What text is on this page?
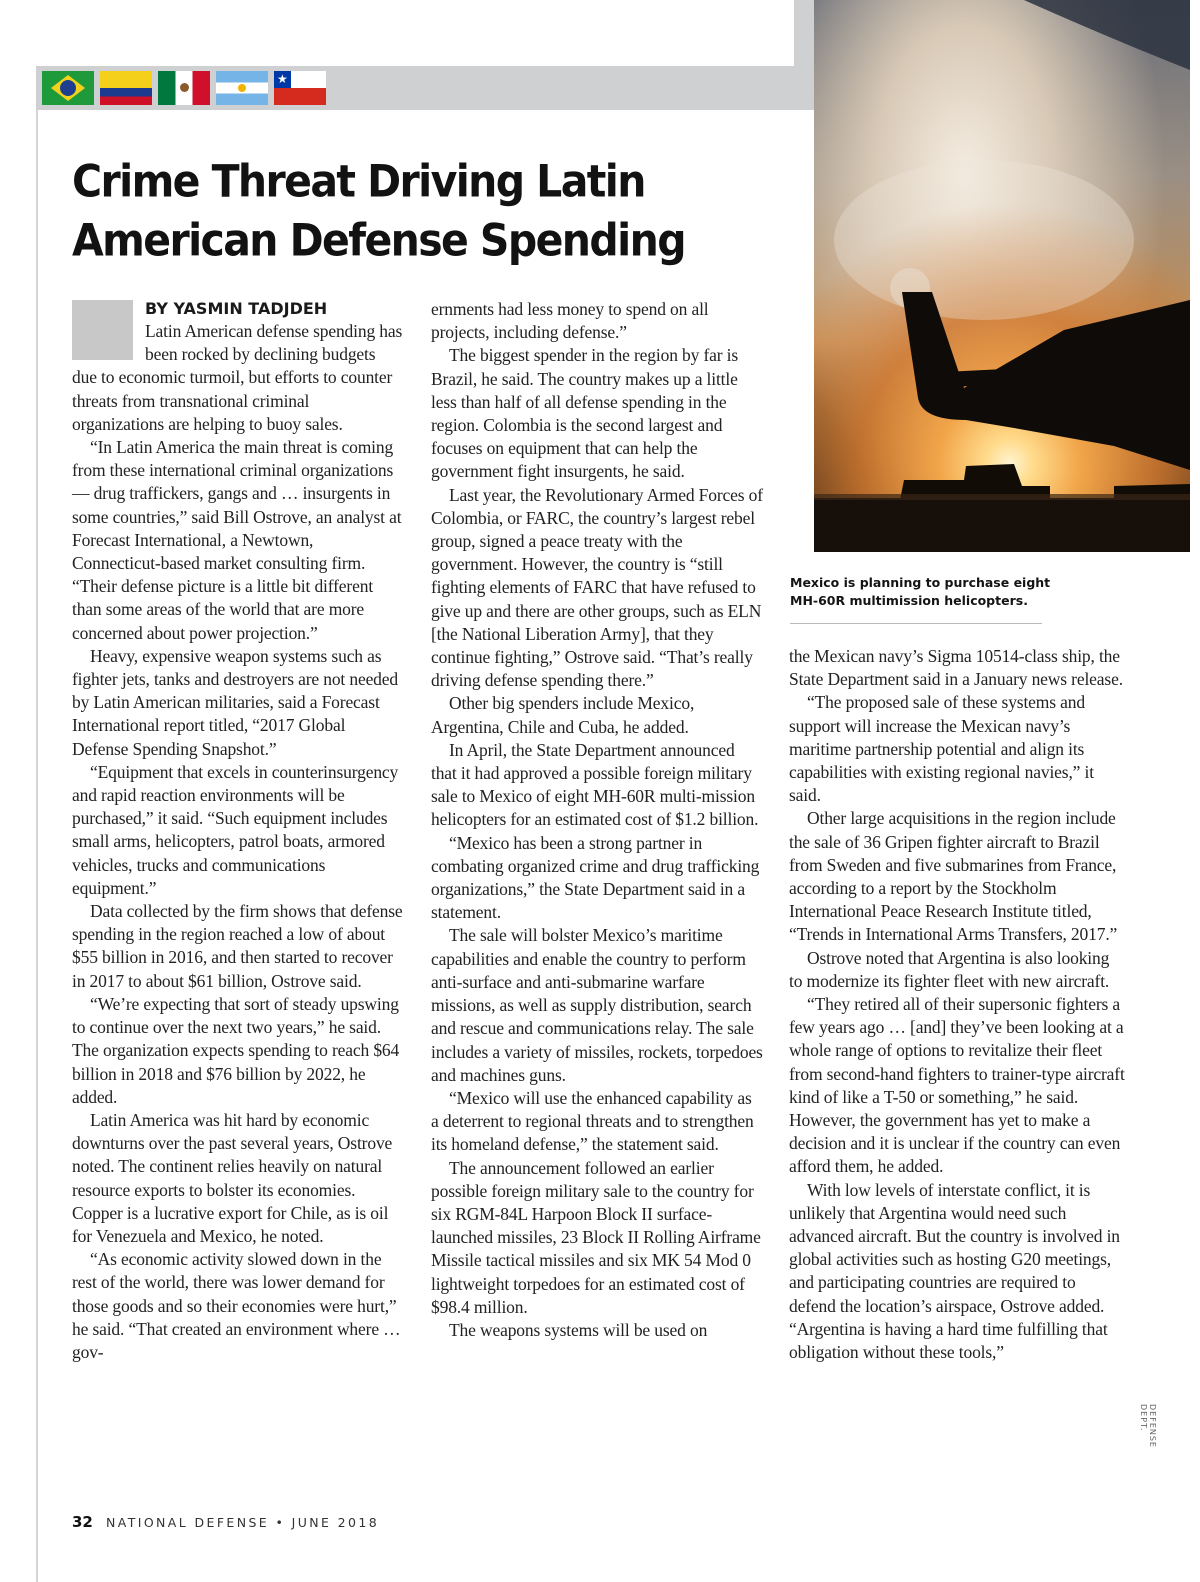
★
Mexico is planning to purchase eight MH-60R multimission helicopters.
Crime Threat Driving Latin American Defense Spending
BY YASMIN TADJDEH

Latin American defense spending has been rocked by declining budgets due to economic turmoil, but efforts to counter threats from transnational criminal organizations are helping to buoy sales.

“In Latin America the main threat is coming from these international criminal organizations — drug traffickers, gangs and … insurgents in some countries,” said Bill Ostrove, an analyst at Forecast International, a Newtown, Connecticut-based market consulting firm. “Their defense picture is a little bit different than some areas of the world that are more concerned about power projection.”

Heavy, expensive weapon systems such as fighter jets, tanks and destroyers are not needed by Latin American militaries, said a Forecast International report titled, “2017 Global Defense Spending Snapshot.”

“Equipment that excels in counterinsurgency and rapid reaction environments will be purchased,” it said. “Such equipment includes small arms, helicopters, patrol boats, armored vehicles, trucks and communications equipment.”

Data collected by the firm shows that defense spending in the region reached a low of about $55 billion in 2016, and then started to recover in 2017 to about $61 billion, Ostrove said.

“We’re expecting that sort of steady upswing to continue over the next two years,” he said. The organization expects spending to reach $64 billion in 2018 and $76 billion by 2022, he added.

Latin America was hit hard by economic downturns over the past several years, Ostrove noted. The continent relies heavily on natural resource exports to bolster its economies. Copper is a lucrative export for Chile, as is oil for Venezuela and Mexico, he noted.

“As economic activity slowed down in the rest of the world, there was lower demand for those goods and so their economies were hurt,” he said. “That created an environment where … gov-

ernments had less money to spend on all projects, including defense.”

The biggest spender in the region by far is Brazil, he said. The country makes up a little less than half of all defense spending in the region. Colombia is the second largest and focuses on equipment that can help the government fight insurgents, he said.

Last year, the Revolutionary Armed Forces of Colombia, or FARC, the country’s largest rebel group, signed a peace treaty with the government. However, the country is “still fighting elements of FARC that have refused to give up and there are other groups, such as ELN [the National Liberation Army], that they continue fighting,” Ostrove said. “That’s really driving defense spending there.”

Other big spenders include Mexico, Argentina, Chile and Cuba, he added.

In April, the State Department announced that it had approved a possible foreign military sale to Mexico of eight MH-60R multi-mission helicopters for an estimated cost of $1.2 billion.

“Mexico has been a strong partner in combating organized crime and drug trafficking organizations,” the State Department said in a statement.

The sale will bolster Mexico’s maritime capabilities and enable the country to perform anti-surface and anti-submarine warfare missions, as well as supply distribution, search and rescue and communications relay. The sale includes a variety of missiles, rockets, torpedoes and machines guns.

“Mexico will use the enhanced capability as a deterrent to regional threats and to strengthen its homeland defense,” the statement said.

The announcement followed an earlier possible foreign military sale to the country for six RGM-84L Harpoon Block II surface-launched missiles, 23 Block II Rolling Airframe Missile tactical missiles and six MK 54 Mod 0 lightweight torpedoes for an estimated cost of $98.4 million.

The weapons systems will be used on

the Mexican navy’s Sigma 10514-class ship, the State Department said in a January news release.

“The proposed sale of these systems and support will increase the Mexican navy’s maritime partnership potential and align its capabilities with existing regional navies,” it said.

Other large acquisitions in the region include the sale of 36 Gripen fighter aircraft to Brazil from Sweden and five submarines from France, according to a report by the Stockholm International Peace Research Institute titled, “Trends in International Arms Transfers, 2017.”

Ostrove noted that Argentina is also looking to modernize its fighter fleet with new aircraft.

“They retired all of their supersonic fighters a few years ago … [and] they’ve been looking at a whole range of options to revitalize their fleet from second-hand fighters to trainer-type aircraft kind of like a T-50 or something,” he said. However, the government has yet to make a decision and it is unclear if the country can even afford them, he added.

With low levels of interstate conflict, it is unlikely that Argentina would need such advanced aircraft. But the country is involved in global activities such as hosting G20 meetings, and participating countries are required to defend the location’s airspace, Ostrove added. “Argentina is having a hard time fulfilling that obligation without these tools,”

DEFENSE DEPT.
32 NATIONAL DEFENSE • JUNE 2018
